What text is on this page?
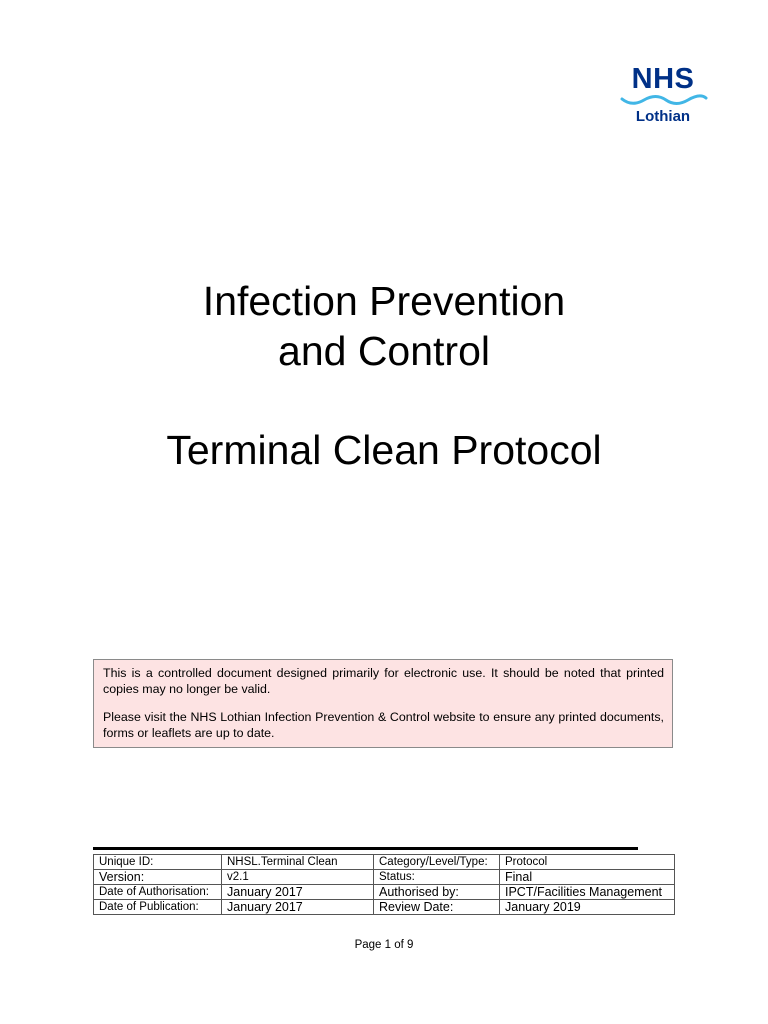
NHS
Lothian
Infection Prevention
and Control
Terminal Clean Protocol

This is a controlled document designed primarily for electronic use. It should be noted that printed copies may no longer be valid.

Please visit the NHS Lothian Infection Prevention & Control website to ensure any printed documents, forms or leaflets are up to date.

Unique ID:	NHSL.Terminal Clean	Category/Level/Type:	Protocol
Version:	v2.1	Status:	Final
Date of Authorisation:	January 2017	Authorised by:	IPCT/Facilities Management
Date of Publication:	January 2017	Review Date:	January 2019
Page 1 of 9
